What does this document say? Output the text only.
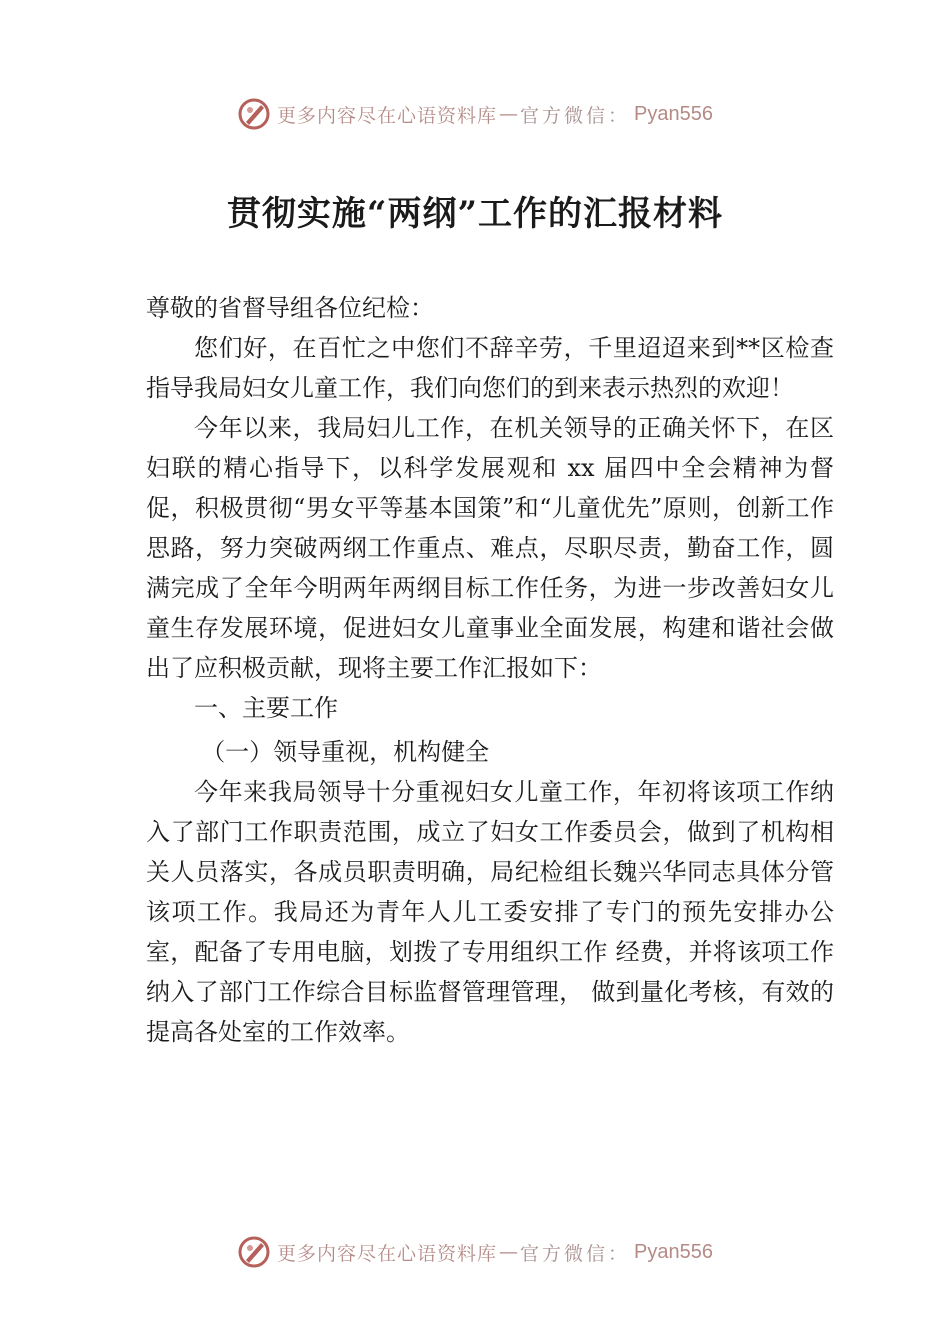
更多内容尽在心语资料库 — 官方微信： Pyan556
贯彻实施“两纲”工作的汇报材料

尊敬的省督导组各位纪检：

您们好，在百忙之中您们不辞辛劳，千里迢迢来到**区检查指导我局妇女儿童工作，我们向您们的到来表示热烈的欢迎！

今年以来，我局妇儿工作，在机关领导的正确关怀下，在区妇联的精心指导下，以科学发展观和 xx 届四中全会精神为督促，积极贯彻“男女平等基本国策”和“儿童优先”原则，创新工作思路，努力突破两纲工作重点、难点，尽职尽责，勤奋工作，圆满完成了全年今明两年两纲目标工作任务，为进一步改善妇女儿童生存发展环境，促进妇女儿童事业全面发展，构建和谐社会做出了应积极贡献，现将主要工作汇报如下：

一、主要工作

（一）领导重视，机构健全

今年来我局领导十分重视妇女儿童工作，年初将该项工作纳入了部门工作职责范围，成立了妇女工作委员会，做到了机构相关人员落实，各成员职责明确，局纪检组长魏兴华同志具体分管该项工作。我局还为青年人儿工委安排了专门的预先安排办公室，配备了专用电脑，划拨了专用组织工作 经费，并将该项工作纳入了部门工作综合目标监督管理管理， 做到量化考核，有效的提高各处室的工作效率。

更多内容尽在心语资料库 — 官方微信： Pyan556
